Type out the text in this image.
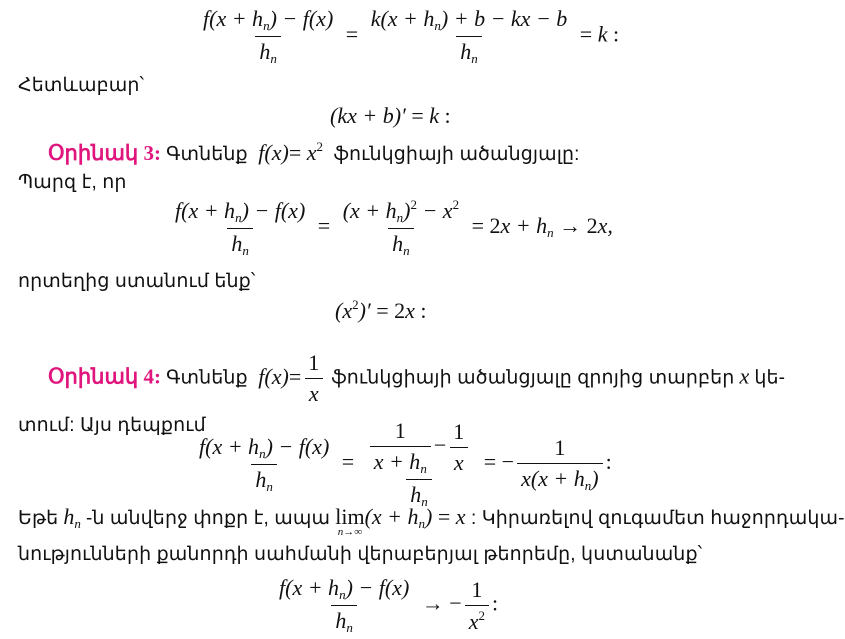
$\frac{f(x + h_n) - f(x)}{h_n} = \frac{k(x + h_n) + b - kx - b}{h_n} = k$ :
Հետևաբար՝
(kx + b)′ = k :
Օրինակ 3: Գտնենք  $f(x)= x^2$ ֆունկցիայի ածանցյալը:
Պարզ է, որ
$\frac{f(x + h_n) - f(x)}{h_n} = \frac{(x + h_n)^2 - x^2}{h_n} = 2x + h_n \to 2x$,
որտեղից ստանում ենք՝
$(x^2)' = 2x$ :
Օրինակ 4: Գտնենք  $f(x)= \frac{1}{x}$ ֆունկցիայի ածանցյալը զրոյից տարբեր x կե-
տում: Այս դեպքում
$\frac{f(x + h_n) - f(x)}{h_n} = \frac{\frac{1}{x + h_n} - \frac{1}{x}}{h_n}$ = − $\frac{1}{x(x + h_n)}$ :
Եթե $h_n$ -ն անվերջ փոքր է, ապա lim
n→∞
$(x + h_n) = x$ : Կիրառելով զուգամետ հաջորդակա-
նությունների քանորդի սահմանի վերաբերյալ թեորեմը, կստանանք՝
$\frac{f(x + h_n) - f(x)}{h_n}$ → − $\frac{1}{x^2}$ :
